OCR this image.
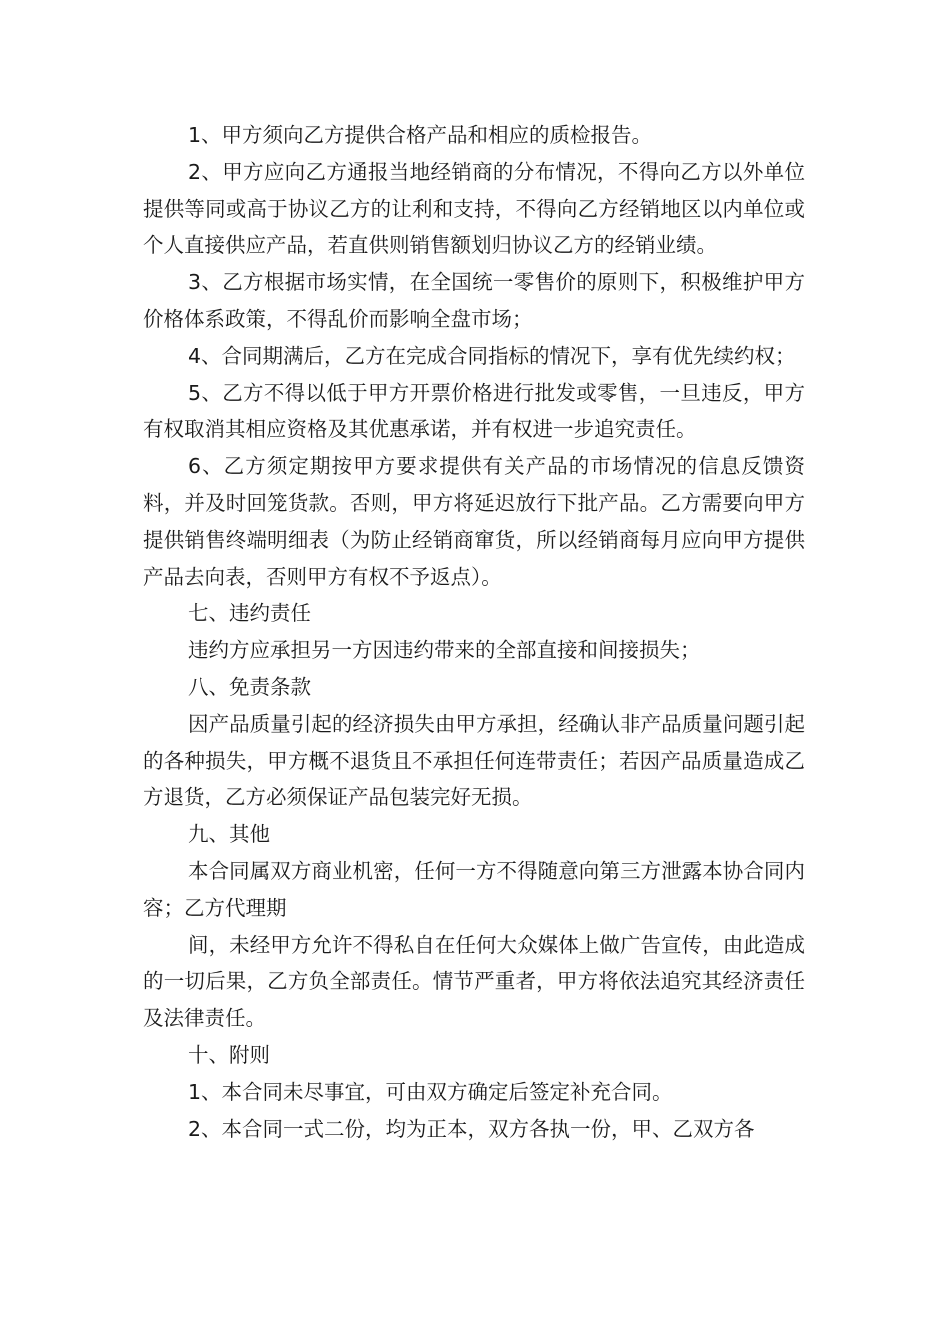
1、甲方须向乙方提供合格产品和相应的质检报告。

2、甲方应向乙方通报当地经销商的分布情况，不得向乙方以外单位提供等同或高于协议乙方的让利和支持，不得向乙方经销地区以内单位或个人直接供应产品，若直供则销售额划归协议乙方的经销业绩。

3、乙方根据市场实情，在全国统一零售价的原则下，积极维护甲方价格体系政策，不得乱价而影响全盘市场；

4、合同期满后，乙方在完成合同指标的情况下，享有优先续约权；

5、乙方不得以低于甲方开票价格进行批发或零售，一旦违反，甲方有权取消其相应资格及其优惠承诺，并有权进一步追究责任。

6、乙方须定期按甲方要求提供有关产品的市场情况的信息反馈资料，并及时回笼货款。否则，甲方将延迟放行下批产品。乙方需要向甲方提供销售终端明细表（为防止经销商窜货，所以经销商每月应向甲方提供产品去向表，否则甲方有权不予返点）。

七、违约责任

违约方应承担另一方因违约带来的全部直接和间接损失；

八、免责条款

因产品质量引起的经济损失由甲方承担，经确认非产品质量问题引起的各种损失，甲方概不退货且不承担任何连带责任；若因产品质量造成乙方退货，乙方必须保证产品包装完好无损。

九、其他

本合同属双方商业机密，任何一方不得随意向第三方泄露本协合同内容；乙方代理期

间，未经甲方允许不得私自在任何大众媒体上做广告宣传，由此造成的一切后果，乙方负全部责任。情节严重者，甲方将依法追究其经济责任及法律责任。

十、附则

1、本合同未尽事宜，可由双方确定后签定补充合同。

2、本合同一式二份，均为正本，双方各执一份，甲、乙双方各
